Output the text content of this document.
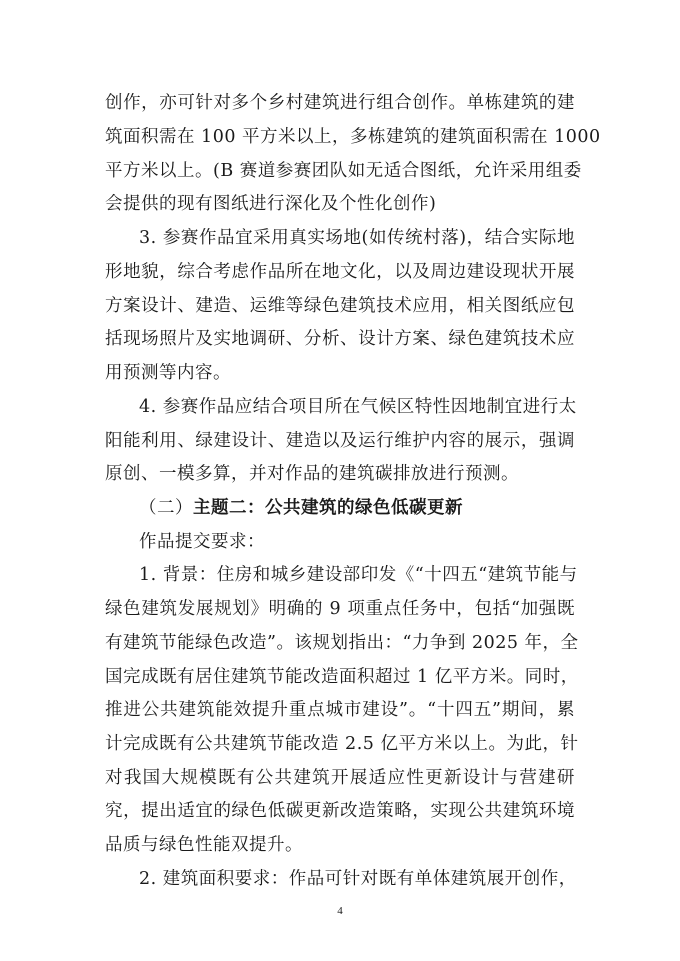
创作，亦可针对多个乡村建筑进行组合创作。单栋建筑的建
筑面积需在 100 平方米以上，多栋建筑的建筑面积需在 1000
平方米以上。(B 赛道参赛团队如无适合图纸，允许采用组委
会提供的现有图纸进行深化及个性化创作)
3. 参赛作品宜采用真实场地(如传统村落)，结合实际地
形地貌，综合考虑作品所在地文化，以及周边建设现状开展
方案设计、建造、运维等绿色建筑技术应用，相关图纸应包
括现场照片及实地调研、分析、设计方案、绿色建筑技术应
用预测等内容。
4. 参赛作品应结合项目所在气候区特性因地制宜进行太
阳能利用、绿建设计、建造以及运行维护内容的展示，强调
原创、一模多算，并对作品的建筑碳排放进行预测。
（二）主题二：公共建筑的绿色低碳更新
作品提交要求：
1. 背景：住房和城乡建设部印发《“十四五“建筑节能与
绿色建筑发展规划》明确的 9 项重点任务中，包括“加强既
有建筑节能绿色改造”。该规划指出：“力争到 2025 年，全
国完成既有居住建筑节能改造面积超过 1 亿平方米。同时，
推进公共建筑能效提升重点城市建设”。“十四五”期间，累
计完成既有公共建筑节能改造 2.5 亿平方米以上。为此，针
对我国大规模既有公共建筑开展适应性更新设计与营建研
究，提出适宜的绿色低碳更新改造策略，实现公共建筑环境
品质与绿色性能双提升。
2. 建筑面积要求：作品可针对既有单体建筑展开创作，
4
